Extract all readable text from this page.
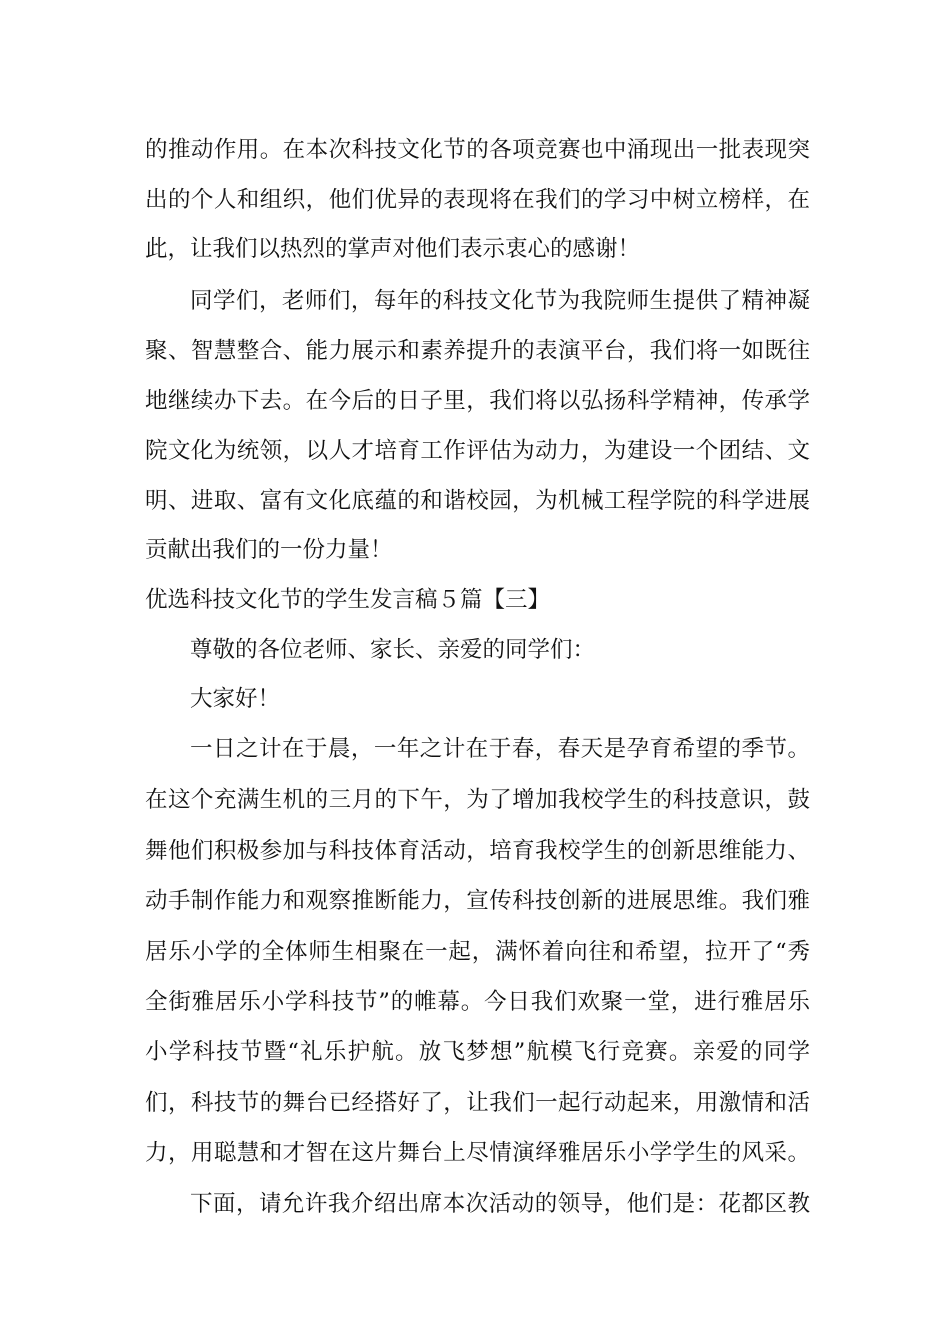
的推动作用。在本次科技文化节的各项竞赛也中涌现出一批表现突

出的个人和组织，他们优异的表现将在我们的学习中树立榜样，在

此，让我们以热烈的掌声对他们表示衷心的感谢！

同学们，老师们，每年的科技文化节为我院师生提供了精神凝

聚、智慧整合、能力展示和素养提升的表演平台，我们将一如既往

地继续办下去。在今后的日子里，我们将以弘扬科学精神，传承学

院文化为统领，以人才培育工作评估为动力，为建设一个团结、文

明、进取、富有文化底蕴的和谐校园，为机械工程学院的科学进展

贡献出我们的一份力量！

优选科技文化节的学生发言稿５篇【三】

尊敬的各位老师、家长、亲爱的同学们：

大家好！

一日之计在于晨，一年之计在于春，春天是孕育希望的季节。

在这个充满生机的三月的下午，为了增加我校学生的科技意识，鼓

舞他们积极参加与科技体育活动，培育我校学生的创新思维能力、

动手制作能力和观察推断能力，宣传科技创新的进展思维。我们雅

居乐小学的全体师生相聚在一起，满怀着向往和希望，拉开了“秀

全街雅居乐小学科技节”的帷幕。今日我们欢聚一堂，进行雅居乐

小学科技节暨“礼乐护航。放飞梦想”航模飞行竞赛。亲爱的同学

们，科技节的舞台已经搭好了，让我们一起行动起来，用激情和活

力，用聪慧和才智在这片舞台上尽情演绎雅居乐小学学生的风采。

下面，请允许我介绍出席本次活动的领导，他们是：花都区教
